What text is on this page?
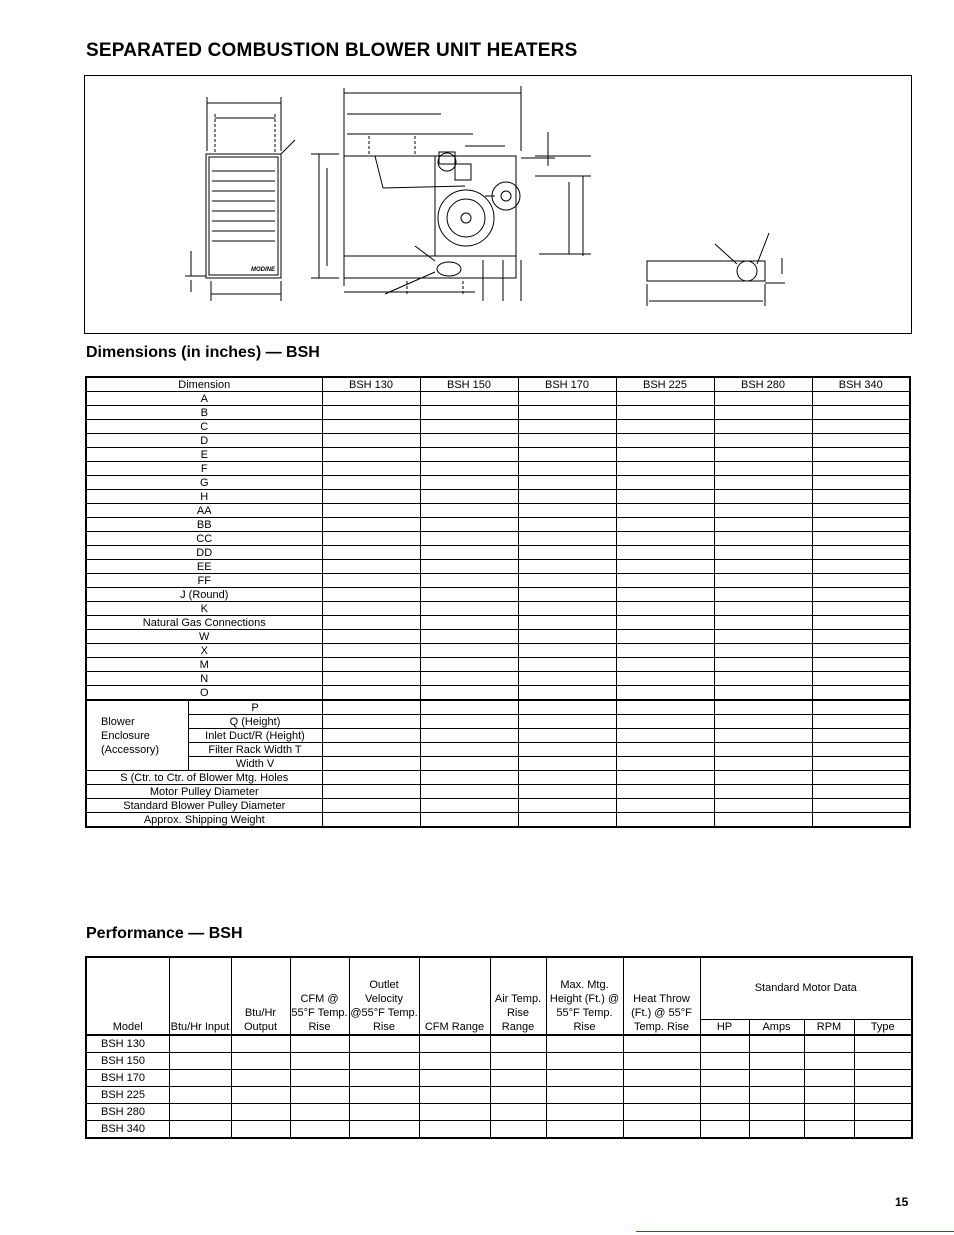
SEPARATED COMBUSTION BLOWER UNIT HEATERS
MODINE
Dimensions (in inches) — BSH
Dimension		BSH 130	BSH 150	BSH 170	BSH 225	BSH 280	BSH 340
A							
B							
C							
D							
E							
F							
G							
H							
AA							
BB							
CC							
DD							
EE							
FF							
J (Round)							
K							
Natural Gas Connections							
W							
X							
M							
N							
O							

Blower
Enclosure
(Accessory)	P						
	Q (Height)						
	Inlet Duct/R (Height)						
	Filter Rack Width T						
	Width V						
S (Ctr. to Ctr. of Blower Mtg. Holes							
Motor Pulley Diameter							
Standard Blower Pulley Diameter							
Approx. Shipping Weight							
Performance — BSH
Model	Btu/Hr Input	Btu/Hr Output	CFM @ 55°F Temp. Rise	Outlet Velocity @55°F Temp. Rise	CFM Range	Air Temp. Rise Range	Max. Mtg. Height (Ft.) @ 55°F Temp. Rise	Heat Throw (Ft.) @ 55°F Temp. Rise	Standard Motor Data			
									HP	Amps	RPM	Type
BSH 130												
BSH 150												
BSH 170												
BSH 225												
BSH 280												
BSH 340												
15
